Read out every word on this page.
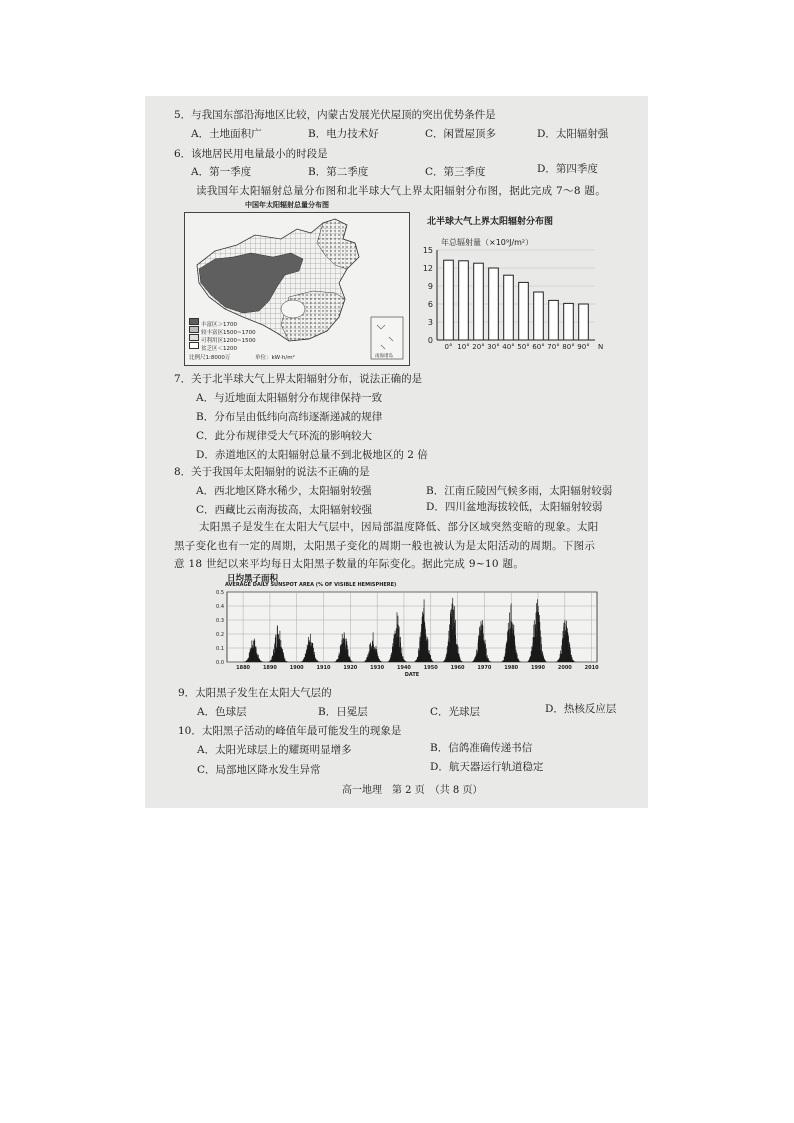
5．与我国东部沿海地区比较，内蒙古发展光伏屋顶的突出优势条件是
A．土地面积广	B．电力技术好	C．闲置屋顶多	D．太阳辐射强
6．该地居民用电量最小的时段是
A．第一季度	B．第二季度	C．第三季度	D．第四季度
读我国年太阳辐射总量分布图和北半球大气上界太阳辐射分布图，据此完成 7～8 题。
中国年太阳辐射总量分布图
丰富区＞1700
较丰富区1500~1700
可利用区1200~1500
贫乏区＜1200
比例尺1:8000万	单位：kW·h/m²	南海诸岛
北半球大气上界太阳辐射分布图
年总辐射量（×10⁹J/m²）
0
3
6
9
12
15
0° 10° 20° 30° 40° 50° 60° 70° 80° 90° N
7．关于北半球大气上界太阳辐射分布，说法正确的是
A．与近地面太阳辐射分布规律保持一致
B．分布呈由低纬向高纬逐渐递减的规律
C．此分布规律受大气环流的影响较大
D．赤道地区的太阳辐射总量不到北极地区的 2 倍
8．关于我国年太阳辐射的说法不正确的是
A．西北地区降水稀少，太阳辐射较强	B．江南丘陵因气候多雨，太阳辐射较弱
C．西藏比云南海拔高，太阳辐射较强	D．四川盆地海拔较低，太阳辐射较弱
太阳黑子是发生在太阳大气层中，因局部温度降低、部分区域突然变暗的现象。太阳
黑子变化也有一定的周期，太阳黑子变化的周期一般也被认为是太阳活动的周期。下图示
意 18 世纪以来平均每日太阳黑子数量的年际变化。据此完成 9~10 题。
日均黑子面积
AVERAGE DAILY SUNSPOT AREA (% OF VISIBLE HEMISPHERE)
0.0
0.1
0.2
0.3
0.4
0.5
1880	1890	1900	1910	1920	1930	1940	1950	1960	1970	1980	1990	2000	2010
DATE
9．太阳黑子发生在太阳大气层的
A．色球层	B．日冕层	C．光球层	D．热核反应层
10．太阳黑子活动的峰值年最可能发生的现象是
A．太阳光球层上的耀斑明显增多	B．信鸽准确传递书信
C．局部地区降水发生异常	D．航天器运行轨道稳定
高一地理　第 2 页　（共 8 页）
